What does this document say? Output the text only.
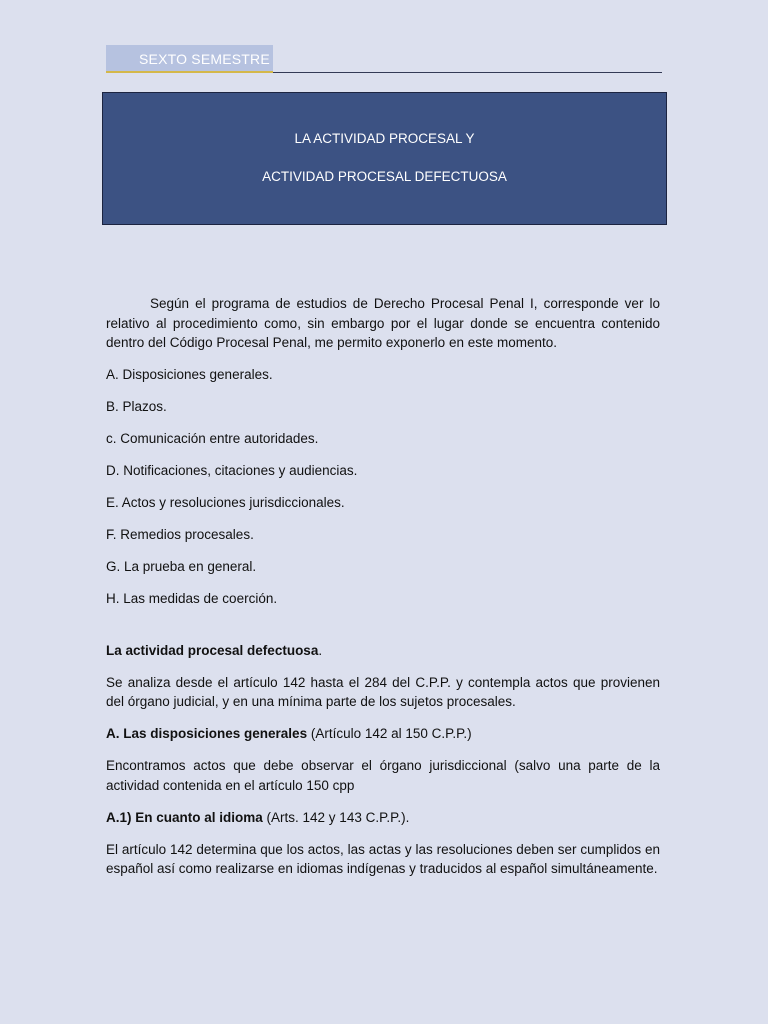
SEXTO SEMESTRE
LA ACTIVIDAD PROCESAL Y
ACTIVIDAD PROCESAL DEFECTUOSA

Según el programa de estudios de Derecho Procesal Penal I, corresponde ver lo relativo al procedimiento como, sin embargo por el lugar donde se encuentra contenido dentro del Código Procesal Penal, me permito exponerlo en este momento.

A. Disposiciones generales.

B. Plazos.

c. Comunicación entre autoridades.

D. Notificaciones, citaciones y audiencias.

E. Actos y resoluciones jurisdiccionales.

F. Remedios procesales.

G. La prueba en general.

H. Las medidas de coerción.

La actividad procesal defectuosa.

Se analiza desde el artículo 142 hasta el 284 del C.P.P. y contempla actos que provienen del órgano judicial, y en una mínima parte de los sujetos procesales.

A. Las disposiciones generales (Artículo 142 al 150 C.P.P.)

Encontramos actos que debe observar el órgano jurisdiccional (salvo una parte de la actividad contenida en el artículo 150 cpp

A.1) En cuanto al idioma (Arts. 142 y 143 C.P.P.).

El artículo 142 determina que los actos, las actas y las resoluciones deben ser cumplidos en español así como realizarse en idiomas indígenas y traducidos al español simultáneamente.
